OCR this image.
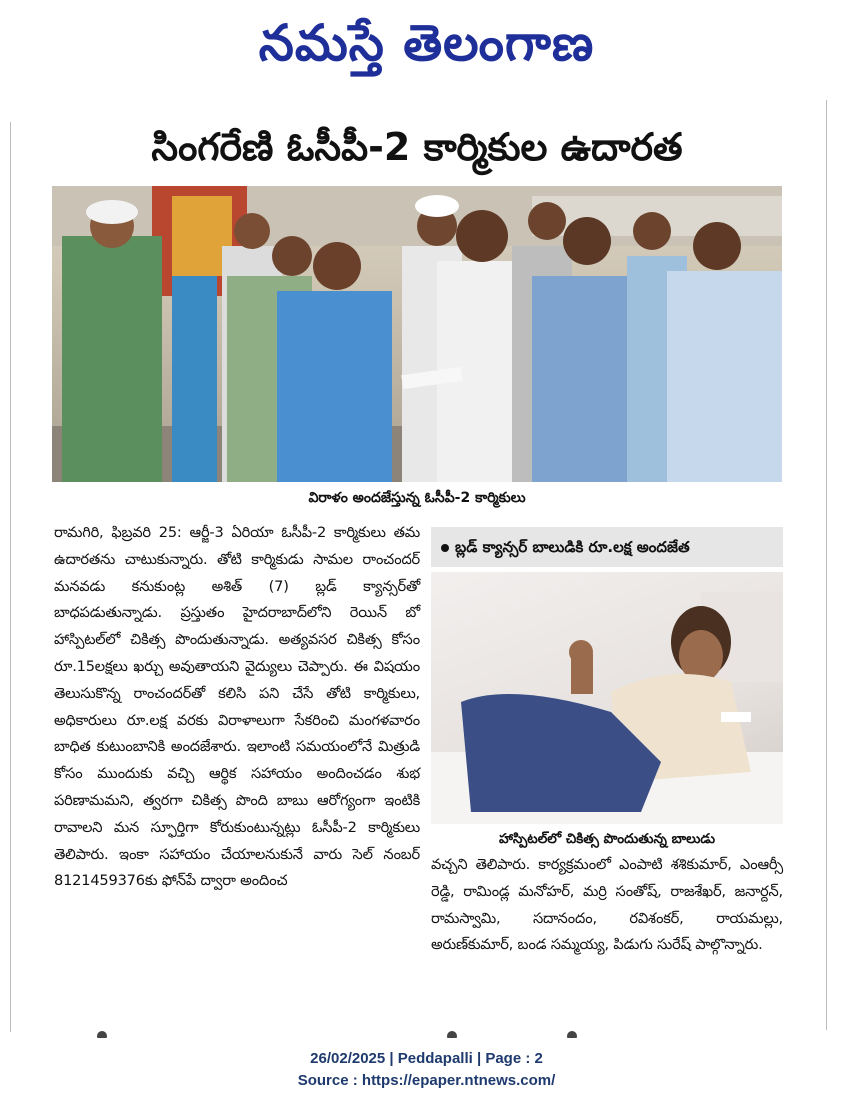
నమస్తే తెలంగాణ
సింగరేణి ఓసీపీ-2 కార్మికుల ఉదారత
విరాళం అందజేస్తున్న ఓసీపీ-2 కార్మికులు

రామగిరి, ఫిబ్రవరి 25: ఆర్జీ-3 ఏరియా ఓసీపీ-2 కార్మికులు తమ ఉదారతను చాటుకున్నారు. తోటి కార్మికుడు సామల రాంచందర్ మనవడు కనుకుంట్ల అశిత్ (7) బ్లడ్ క్యాన్సర్‌తో బాధపడుతున్నాడు. ప్రస్తుతం హైదరాబాద్‌లోని రెయిన్ బో హాస్పిటల్‌లో చికిత్స పొందుతున్నాడు. అత్యవసర చికిత్స కోసం రూ.15లక్షలు ఖర్చు అవుతాయని వైద్యులు చెప్పారు. ఈ విషయం తెలుసుకొన్న రాంచందర్‌తో కలిసి పని చేసే తోటి కార్మికులు, అధికారులు రూ.లక్ష వరకు విరాళాలుగా సేకరించి మంగళవారం బాధిత కుటుంబానికి అందజేశారు. ఇలాంటి సమయంలోనే మిత్రుడి కోసం ముందుకు వచ్చి ఆర్థిక సహాయం అందించడం శుభ పరిణామమని, త్వరగా చికిత్స పొంది బాబు ఆరోగ్యంగా ఇంటికి రావాలని మన స్ఫూర్తిగా కోరుకుంటున్నట్లు ఓసీపీ-2 కార్మికులు తెలిపారు. ఇంకా సహాయం చేయాలనుకునే వారు సెల్ నంబర్ 8121459376కు ఫోన్‌పే ద్వారా అందించ

బ్లడ్ క్యాన్సర్ బాలుడికి రూ.లక్ష అందజేత
హాస్పిటల్‌లో చికిత్స పొందుతున్న బాలుడు

వచ్చని తెలిపారు. కార్యక్రమంలో ఎంపాటి శశికుమార్, ఎంఆర్సీ రెడ్డి, రామిండ్ల మనోహర్, మర్రి సంతోష్, రాజశేఖర్, జనార్దన్, రామస్వామి, సదానందం, రవిశంకర్, రాయమల్లు, అరుణ్‌కుమార్, బండ సమ్మయ్య, పిడుగు సురేష్ పాల్గొన్నారు.

26/02/2025 | Peddapalli | Page : 2
Source : https://epaper.ntnews.com/
